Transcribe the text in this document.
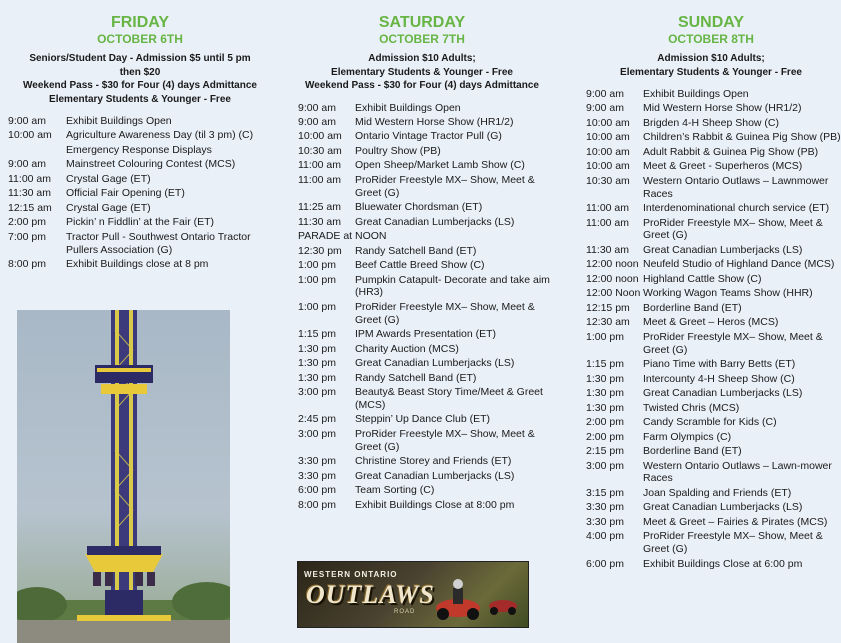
FRIDAY
OCTOBER 6TH
Seniors/Student Day - Admission $5 until 5 pm
then $20
Weekend Pass - $30 for Four (4) days Admittance
Elementary Students & Younger - Free
9:00 am	Exhibit Buildings Open
10:00 am	Agriculture Awareness Day (til 3 pm) (C)
Emergency Response Displays
9:00 am	Mainstreet Colouring Contest (MCS)
11:00 am	Crystal Gage (ET)
11:30 am	Official Fair Opening (ET)
12:15 am	Crystal Gage (ET)
2:00 pm	Pickin’ n Fiddlin’ at the Fair (ET)
7:00 pm	Tractor Pull - Southwest Ontario Tractor Pullers Association (G)
8:00 pm	Exhibit Buildings close at 8 pm
SATURDAY
OCTOBER 7TH
Admission $10 Adults;
Elementary Students & Younger - Free
Weekend Pass - $30 for Four (4) days Admittance
9:00 am	Exhibit Buildings Open
9:00 am	Mid Western Horse Show (HR1/2)
10:00 am	Ontario Vintage Tractor Pull (G)
10:30 am	Poultry Show (PB)
11:00 am	Open Sheep/Market Lamb Show (C)
11:00 am	ProRider Freestyle MX– Show, Meet & Greet (G)
11:25 am	Bluewater Chordsman (ET)
11:30 am	Great Canadian Lumberjacks (LS)
PARADE at NOON
12:30 pm	Randy Satchell Band (ET)
1:00 pm	Beef Cattle Breed Show (C)
1:00 pm	Pumpkin Catapult- Decorate and take aim (HR3)
1:00 pm	ProRider Freestyle MX– Show, Meet & Greet (G)
1:15 pm	IPM Awards Presentation (ET)
1:30 pm	Charity Auction (MCS)
1:30 pm	Great Canadian Lumberjacks (LS)
1:30 pm	Randy Satchell Band (ET)
3:00 pm	Beauty& Beast Story Time/Meet & Greet (MCS)
2:45 pm	Steppin’ Up Dance Club (ET)
3:00 pm	ProRider Freestyle MX– Show, Meet & Greet (G)
3:30 pm	Christine Storey and Friends (ET)
3:30 pm	Great Canadian Lumberjacks (LS)
6:00 pm	Team Sorting (C)
8:00 pm	Exhibit Buildings Close at 8:00 pm
WESTERN ONTARIO
OUTLAWS
ROAD
SUNDAY
OCTOBER 8TH
Admission $10 Adults;
Elementary Students & Younger - Free
9:00 am	Exhibit Buildings Open
9:00 am	Mid Western Horse Show (HR1/2)
10:00 am	Brigden 4-H Sheep Show (C)
10:00 am	Children’s Rabbit & Guinea Pig Show (PB)
10:00 am	Adult Rabbit & Guinea Pig Show (PB)
10:00 am	Meet & Greet - Superheros (MCS)
10:30 am	Western Ontario Outlaws – Lawnmower Races
11:00 am	Interdenominational church service (ET)
11:00 am	ProRider Freestyle MX– Show, Meet & Greet (G)
11:30 am	Great Canadian Lumberjacks (LS)
12:00 noon Neufeld Studio of Highland Dance (MCS)
12:00 noon Highland Cattle Show (C)
12:00 Noon Working Wagon Teams Show (HHR)
12:15 pm	Borderline Band (ET)
12:30 am	Meet & Greet – Heros (MCS)
1:00 pm	ProRider Freestyle MX– Show, Meet & Greet (G)
1:15 pm	Piano Time with Barry Betts (ET)
1:30 pm	Intercounty 4-H Sheep Show (C)
1:30 pm	Great Canadian Lumberjacks (LS)
1:30 pm	Twisted Chris (MCS)
2:00 pm	Candy Scramble for Kids (C)
2:00 pm	Farm Olympics (C)
2:15 pm	Borderline Band (ET)
3:00 pm	Western Ontario Outlaws – Lawn-mower Races
3:15 pm	Joan Spalding and Friends (ET)
3:30 pm	Great Canadian Lumberjacks (LS)
3:30 pm	Meet & Greet – Fairies & Pirates (MCS)
4:00 pm	ProRider Freestyle MX– Show, Meet & Greet (G)
6:00 pm	Exhibit Buildings Close at 6:00 pm
